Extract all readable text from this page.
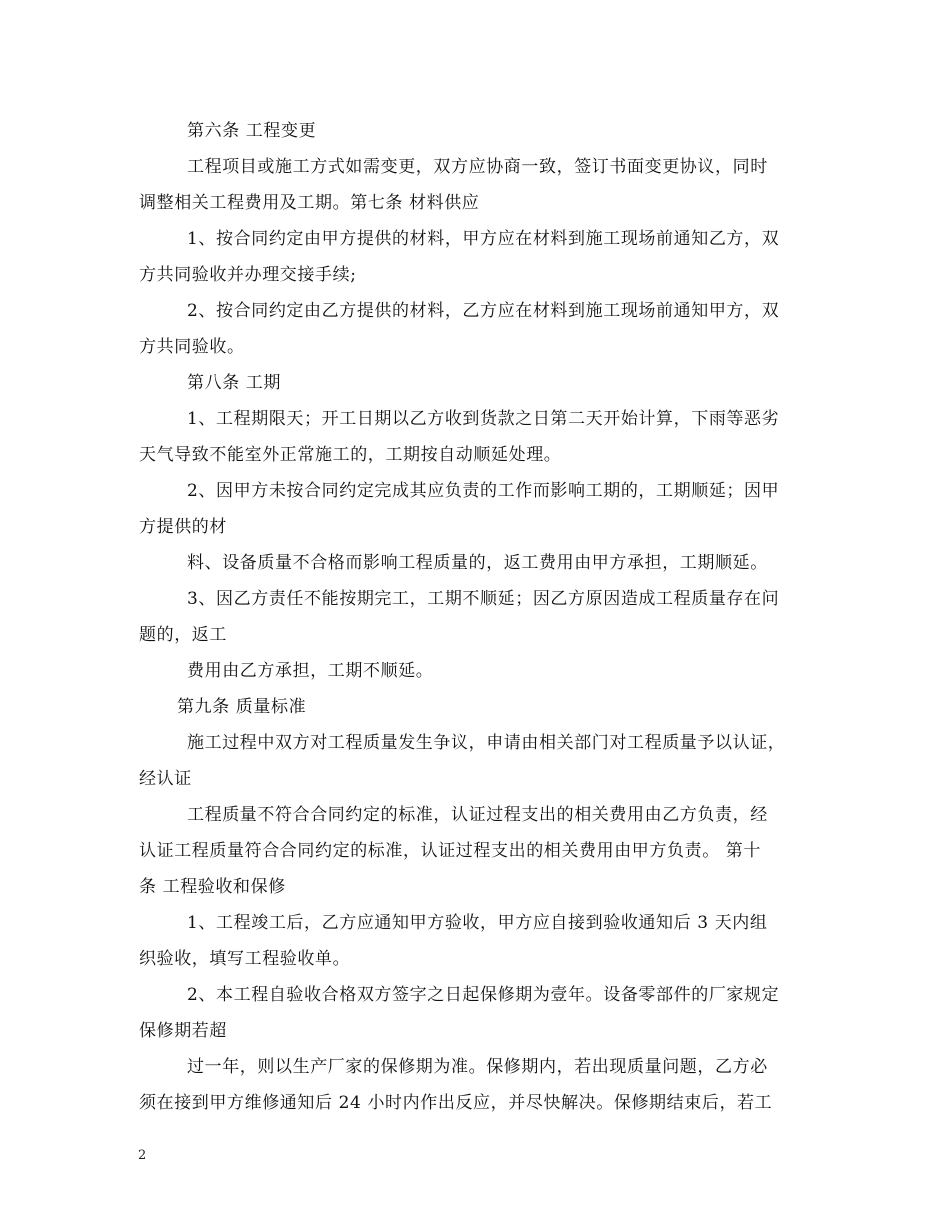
第六条 工程变更
工程项目或施工方式如需变更，双方应协商一致，签订书面变更协议，同时
调整相关工程费用及工期。第七条 材料供应
1、按合同约定由甲方提供的材料，甲方应在材料到施工现场前通知乙方，双
方共同验收并办理交接手续;
2、按合同约定由乙方提供的材料，乙方应在材料到施工现场前通知甲方，双
方共同验收。
第八条 工期
1、工程期限天；开工日期以乙方收到货款之日第二天开始计算，下雨等恶劣
天气导致不能室外正常施工的，工期按自动顺延处理。
2、因甲方未按合同约定完成其应负责的工作而影响工期的，工期顺延；因甲
方提供的材
料、设备质量不合格而影响工程质量的，返工费用由甲方承担，工期顺延。
3、因乙方责任不能按期完工，工期不顺延；因乙方原因造成工程质量存在问
题的，返工
费用由乙方承担，工期不顺延。
第九条 质量标准
施工过程中双方对工程质量发生争议，申请由相关部门对工程质量予以认证，
经认证
工程质量不符合合同约定的标准，认证过程支出的相关费用由乙方负责，经
认证工程质量符合合同约定的标准，认证过程支出的相关费用由甲方负责。 第十
条 工程验收和保修
1、工程竣工后，乙方应通知甲方验收，甲方应自接到验收通知后 3 天内组
织验收，填写工程验收单。
2、本工程自验收合格双方签字之日起保修期为壹年。设备零部件的厂家规定
保修期若超
过一年，则以生产厂家的保修期为准。保修期内，若出现质量问题，乙方必
须在接到甲方维修通知后 24 小时内作出反应，并尽快解决。保修期结束后，若工
2
